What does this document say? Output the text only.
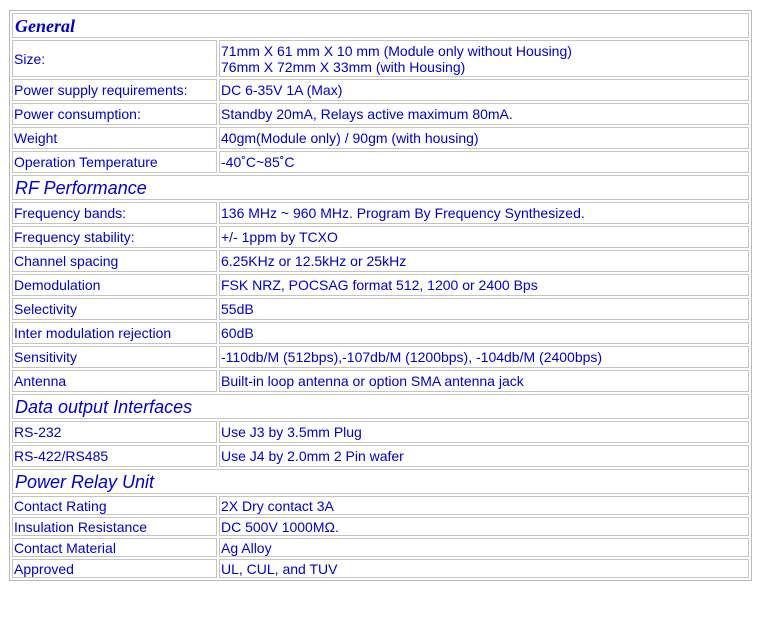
General	
Size:	71mm X 61 mm X 10 mm (Module only without Housing)
76mm X 72mm X 33mm (with Housing)

Power supply requirements:	DC 6-35V 1A (Max)
Power consumption:	Standby 20mA, Relays active maximum 80mA.
Weight	40gm(Module only) / 90gm (with housing)
Operation Temperature	-40˚C~85˚C
RF Performance	
Frequency bands:	136 MHz ~ 960 MHz. Program By Frequency Synthesized.
Frequency stability:	+/- 1ppm by TCXO
Channel spacing	6.25KHz or 12.5kHz or 25kHz
Demodulation	FSK NRZ, POCSAG format 512, 1200 or 2400 Bps
Selectivity	55dB
Inter modulation rejection	60dB
Sensitivity	-110db/M (512bps),-107db/M (1200bps), -104db/M (2400bps)
Antenna	Built-in loop antenna or option SMA antenna jack
Data output Interfaces	
RS-232	Use J3 by 3.5mm Plug
RS-422/RS485	Use J4 by 2.0mm 2 Pin wafer
Power Relay Unit	
Contact Rating	2X Dry contact 3A
Insulation Resistance	DC 500V 1000MΩ.
Contact Material	Ag Alloy
Approved	UL, CUL, and TUV
